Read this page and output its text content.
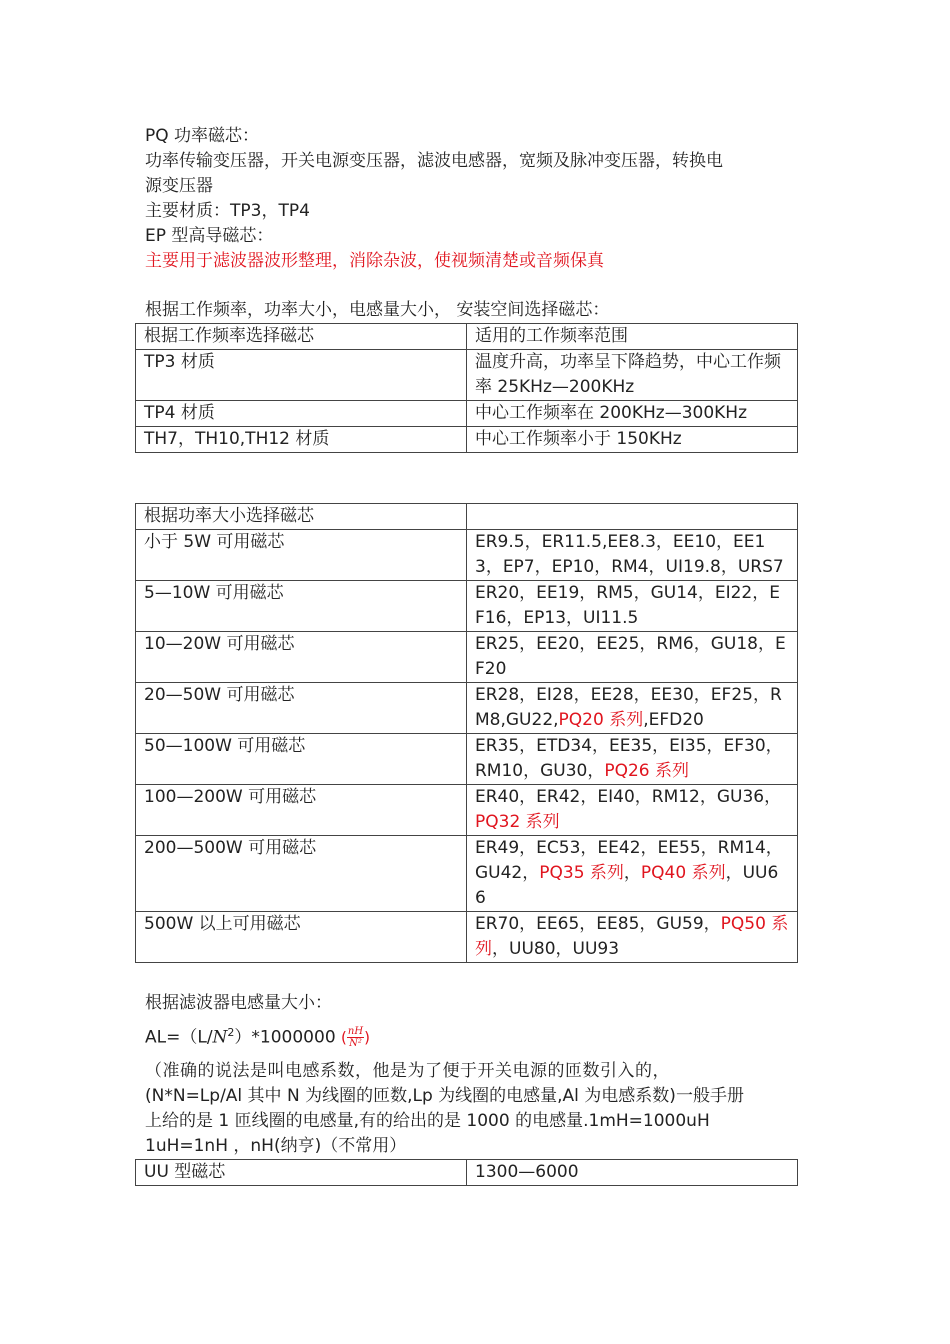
PQ 功率磁芯：
功率传输变压器，开关电源变压器，滤波电感器，宽频及脉冲变压器，转换电
源变压器
主要材质：TP3，TP4
EP 型高导磁芯：
主要用于滤波器波形整理，消除杂波，使视频清楚或音频保真
根据工作频率，功率大小，电感量大小， 安装空间选择磁芯：
根据工作频率选择磁芯	适用的工作频率范围
TP3 材质	温度升高，功率呈下降趋势，中心工作频率 25KHz—200KHz
TP4 材质	中心工作频率在 200KHz—300KHz
TH7，TH10,TH12 材质	中心工作频率小于 150KHz
根据功率大小选择磁芯	
小于 5W 可用磁芯	ER9.5，ER11.5,EE8.3，EE10，EE13，EP7，EP10，RM4，UI19.8，URS7
5—10W 可用磁芯	ER20，EE19，RM5，GU14，EI22，EF16，EP13，UI11.5
10—20W 可用磁芯	ER25，EE20，EE25，RM6，GU18，EF20
20—50W 可用磁芯	ER28，EI28，EE28，EE30，EF25，RM8,GU22,PQ20 系列,EFD20
50—100W 可用磁芯	ER35，ETD34，EE35，EI35，EF30，RM10，GU30，PQ26 系列
100—200W 可用磁芯	ER40，ER42，EI40，RM12，GU36，PQ32 系列
200—500W 可用磁芯	ER49，EC53，EE42，EE55，RM14，GU42，PQ35 系列，PQ40 系列，UU66
500W 以上可用磁芯	ER70，EE65，EE85，GU59，PQ50 系列，UU80，UU93
根据滤波器电感量大小：
$AL=(L/N^2)*1000000$ ( $\frac{nH}{\text{N²}}$ )
（准确的说法是叫电感系数，他是为了便于开关电源的匝数引入的，
(N*N=Lp/Al 其中 N 为线圈的匝数,Lp 为线圈的电感量,Al 为电感系数)一般手册
上给的是 1 匝线圈的电感量,有的给出的是 1000 的电感量.1mH=1000uH
1uH=1nH ，nH(纳亨)（不常用）
UU 型磁芯	1300—6000
